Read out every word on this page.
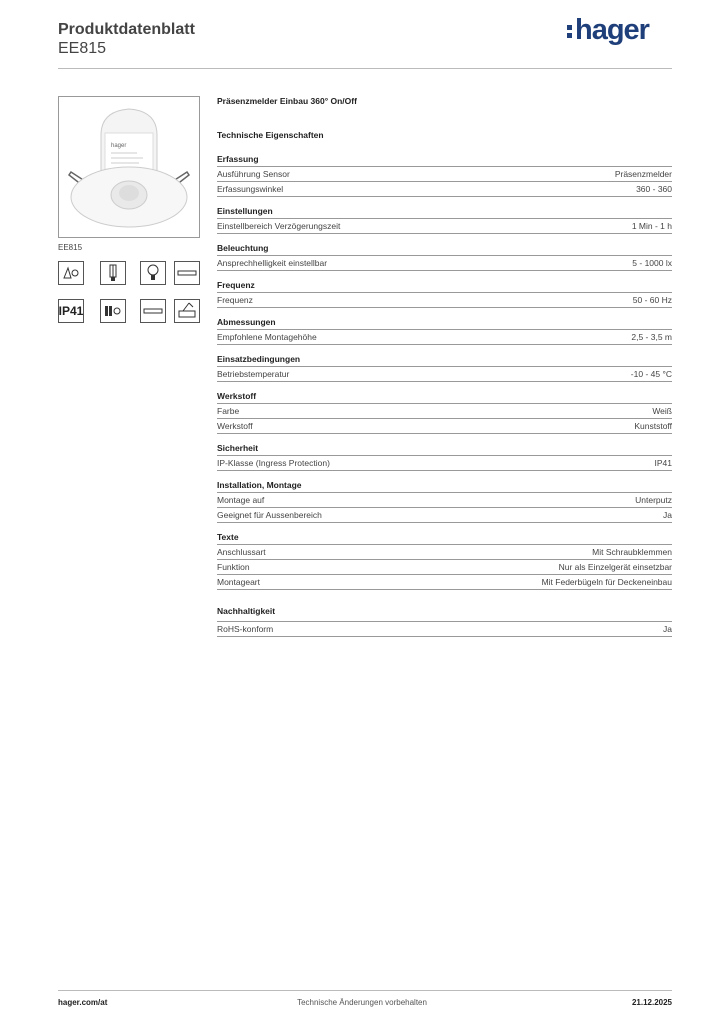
Produktdatenblatt
EE815
hager
hager
EE815
IP41
Präsenzmelder Einbau 360° On/Off
Technische Eigenschaften
Erfassung
Ausführung Sensor	Präsenzmelder
Erfassungswinkel	360 - 360
Einstellungen
Einstellbereich Verzögerungszeit	1 Min - 1 h
Beleuchtung
Ansprechhelligkeit einstellbar	5 - 1000 lx
Frequenz
Frequenz	50 - 60 Hz
Abmessungen
Empfohlene Montagehöhe	2,5 - 3,5 m
Einsatzbedingungen
Betriebstemperatur	-10 - 45 °C
Werkstoff
Farbe	Weiß
Werkstoff	Kunststoff
Sicherheit
IP-Klasse (Ingress Protection)	IP41
Installation, Montage
Montage auf	Unterputz
Geeignet für Aussenbereich	Ja
Texte
Anschlussart	Mit Schraubklemmen
Funktion	Nur als Einzelgerät einsetzbar
Montageart	Mit Federbügeln für Deckeneinbau
Nachhaltigkeit
RoHS-konform	Ja
hager.com/at	Technische Änderungen vorbehalten	21.12.2025
